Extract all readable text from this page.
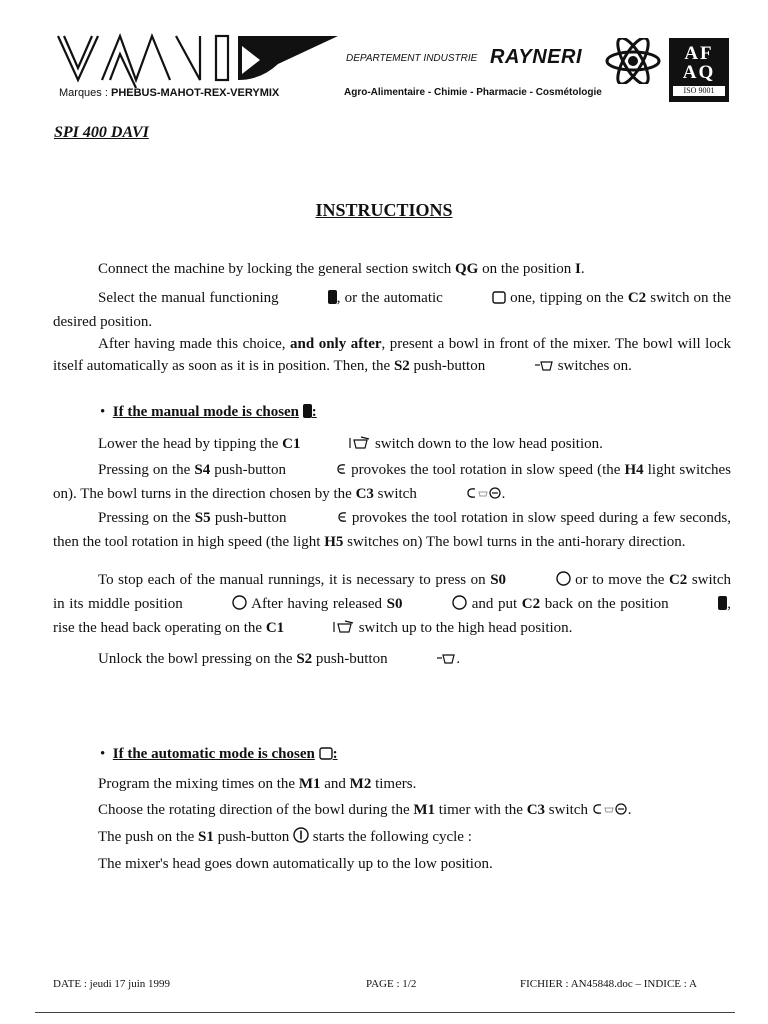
Marques : PHEBUS-MAHOT-REX-VERYMIX
DEPARTEMENT INDUSTRIE RAYNERI
Agro-Alimentaire - Chimie - Pharmacie - Cosmétologie
AFAQ
ISO 9001
SPI 400 DAVI
INSTRUCTIONS
Connect the machine by locking the general section switch QG on the position I.
Select the manual functioning	, or the automatic	one, tipping on the C2 switch on the desired position.
After having made this choice, and only after, present a bowl in front of the mixer. The bowl will lock itself automatically as soon as it is in position. Then, the S2 push-button	switches on.
•  If the manual mode is chosen :
Lower the head by tipping the C1	switch down to the low head position.
Pressing on the S4 push-button	provokes the tool rotation in slow speed (the H4 light switches on). The bowl turns in the direction chosen by the C3 switch	.
Pressing on the S5 push-button	provokes the tool rotation in slow speed during a few seconds, then the tool rotation in high speed (the light H5 switches on) The bowl turns in the anti-horary direction.
To stop each of the manual runnings, it is necessary to press on S0	or to move the C2 switch in its middle position	After having released S0	and put C2 back on the position	, rise the head back operating on the C1	switch up to the high head position.
Unlock the bowl pressing on the S2 push-button	.
•  If the automatic mode is chosen :
Program the mixing times on the M1 and M2 timers.
Choose the rotating direction of the bowl during the M1 timer with the C3 switch .
The push on the S1 push-button  starts the following cycle :
The mixer's head goes down automatically up to the low position.
DATE : jeudi 17 juin 1999	PAGE : 1/2	FICHIER : AN45848.doc – INDICE : A
